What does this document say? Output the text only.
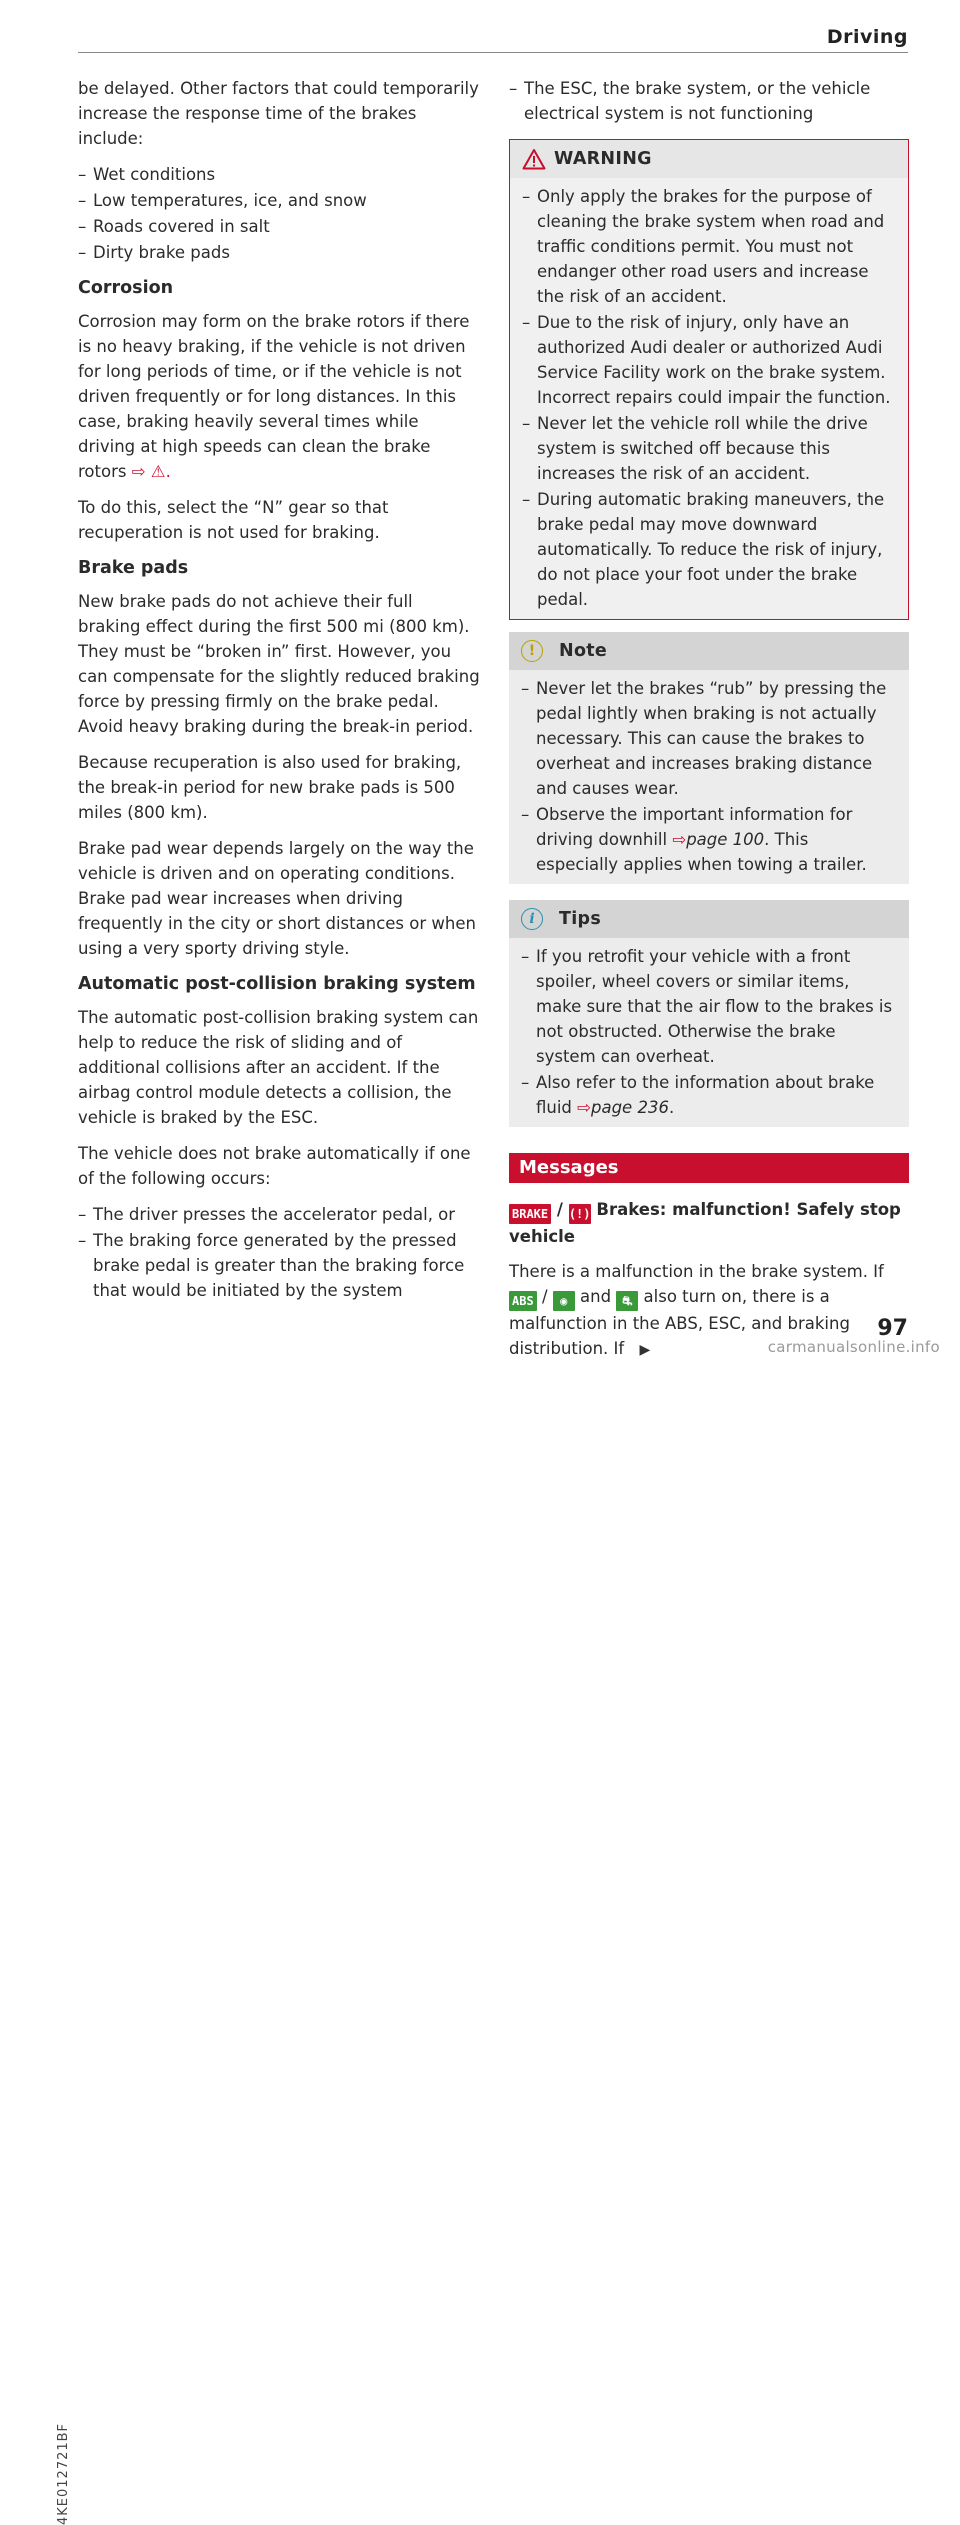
Driving

be delayed. Other factors that could temporarily increase the response time of the brakes include:

– Wet conditions
– Low temperatures, ice, and snow
– Roads covered in salt
– Dirty brake pads
Corrosion

Corrosion may form on the brake rotors if there is no heavy braking, if the vehicle is not driven for long periods of time, or if the vehicle is not driven frequently or for long distances. In this case, braking heavily several times while driving at high speeds can clean the brake rotors ⇨ ⚠.

To do this, select the “N” gear so that recuperation is not used for braking.

Brake pads

New brake pads do not achieve their full braking effect during the first 500 mi (800 km). They must be “broken in” first. However, you can compensate for the slightly reduced braking force by pressing firmly on the brake pedal. Avoid heavy braking during the break-in period.

Because recuperation is also used for braking, the break-in period for new brake pads is 500 miles (800 km).

Brake pad wear depends largely on the way the vehicle is driven and on operating conditions. Brake pad wear increases when driving frequently in the city or short distances or when using a very sporty driving style.

Automatic post-collision braking system

The automatic post-collision braking system can help to reduce the risk of sliding and of additional collisions after an accident. If the airbag control module detects a collision, the vehicle is braked by the ESC.

The vehicle does not brake automatically if one of the following occurs:

– The driver presses the accelerator pedal, or
– The braking force generated by the pressed brake pedal is greater than the braking force that would be initiated by the system
– The ESC, the brake system, or the vehicle electrical system is not functioning
WARNING
– Only apply the brakes for the purpose of cleaning the brake system when road and traffic conditions permit. You must not endanger other road users and increase the risk of an accident.
– Due to the risk of injury, only have an authorized Audi dealer or authorized Audi Service Facility work on the brake system. Incorrect repairs could impair the function.
– Never let the vehicle roll while the drive system is switched off because this increases the risk of an accident.
– During automatic braking maneuvers, the brake pedal may move downward automatically. To reduce the risk of injury, do not place your foot under the brake pedal.
!	Note
– Never let the brakes “rub” by pressing the pedal lightly when braking is not actually necessary. This can cause the brakes to overheat and increases braking distance and causes wear.
– Observe the important information for driving downhill ⇨page 100. This especially applies when towing a trailer.
i	Tips
– If you retrofit your vehicle with a front spoiler, wheel covers or similar items, make sure that the air flow to the brakes is not obstructed. Otherwise the brake system can overheat.
– Also refer to the information about brake fluid ⇨page 236.
Messages
BRAKE / (!) Brakes: malfunction! Safely stop vehicle

There is a malfunction in the brake system. If
ABS / ◉ and ⛐ also turn on, there is a malfunction in the ABS, ESC, and braking distribution. If ▶

4KE012721BF
97
carmanualsonline.info
